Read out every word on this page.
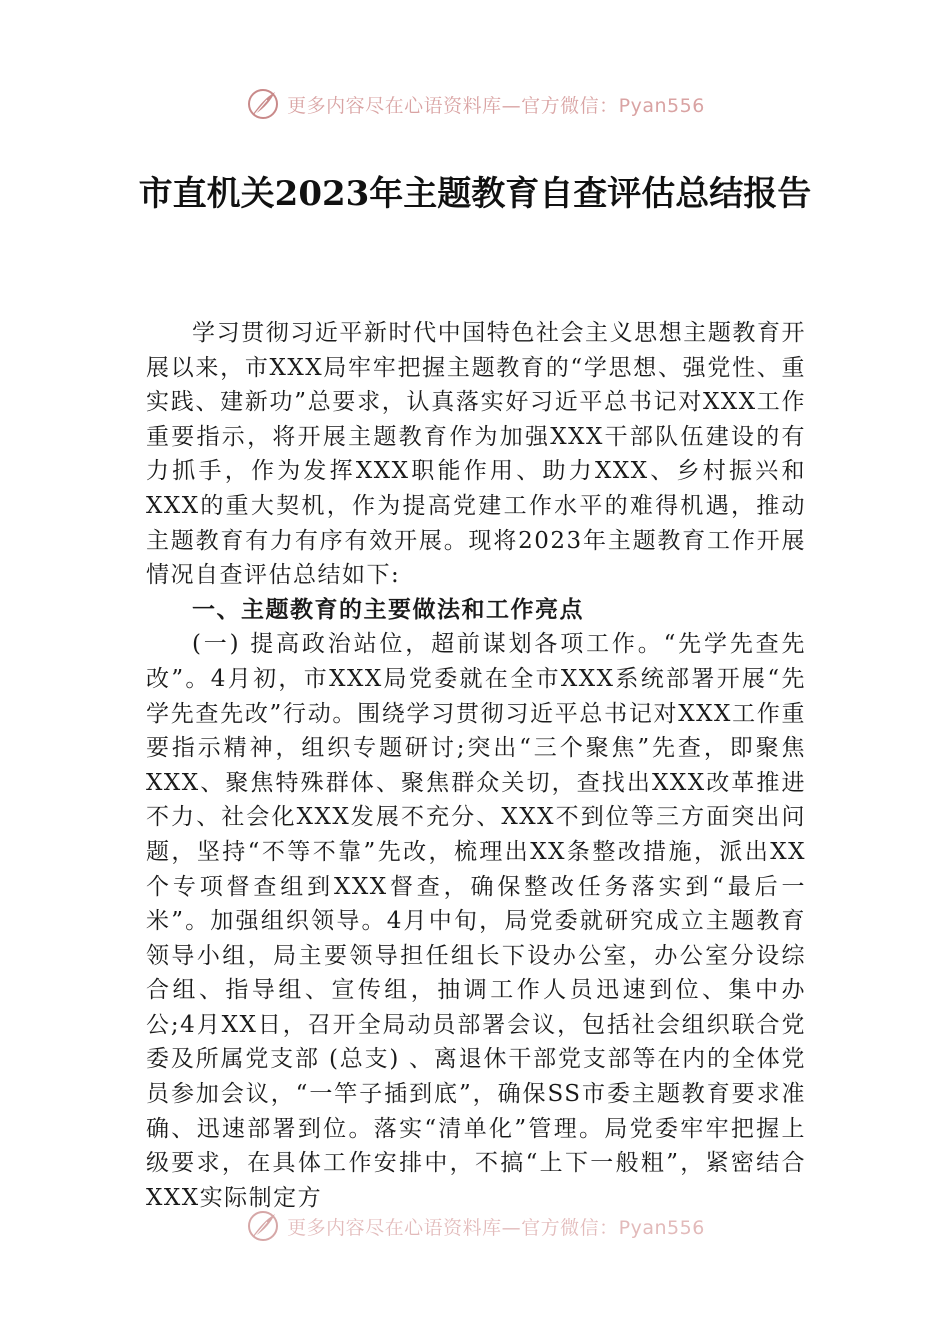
更多内容尽在心语资料库—官方微信：Pyan556
市直机关2023年主题教育自查评估总结报告

学习贯彻习近平新时代中国特色社会主义思想主题教育开展以来，市XXX局牢牢把握主题教育的“学思想、强党性、重实践、建新功”总要求，认真落实好习近平总书记对XXX工作重要指示，将开展主题教育作为加强XXX干部队伍建设的有力抓手，作为发挥XXX职能作用、助力XXX、乡村振兴和XXX的重大契机，作为提高党建工作水平的难得机遇，推动主题教育有力有序有效开展。现将2023年主题教育工作开展情况自查评估总结如下:

一、主题教育的主要做法和工作亮点

(一) 提高政治站位，超前谋划各项工作。“先学先查先改”。4月初，市XXX局党委就在全市XXX系统部署开展“先学先查先改”行动。围绕学习贯彻习近平总书记对XXX工作重要指示精神，组织专题研讨;突出“三个聚焦”先查，即聚焦XXX、聚焦特殊群体、聚焦群众关切，查找出XXX改革推进不力、社会化XXX发展不充分、XXX不到位等三方面突出问题，坚持“不等不靠”先改，梳理出XX条整改措施，派出XX个专项督查组到XXX督查，确保整改任务落实到“最后一米”。加强组织领导。4月中旬，局党委就研究成立主题教育领导小组，局主要领导担任组长下设办公室，办公室分设综合组、指导组、宣传组，抽调工作人员迅速到位、集中办公;4月XX日，召开全局动员部署会议，包括社会组织联合党委及所属党支部 (总支) 、离退休干部党支部等在内的全体党员参加会议，“一竿子插到底”，确保SS市委主题教育要求准确、迅速部署到位。落实“清单化”管理。局党委牢牢把握上级要求，在具体工作安排中，不搞“上下一般粗”，紧密结合XXX实际制定方

更多内容尽在心语资料库—官方微信：Pyan556
